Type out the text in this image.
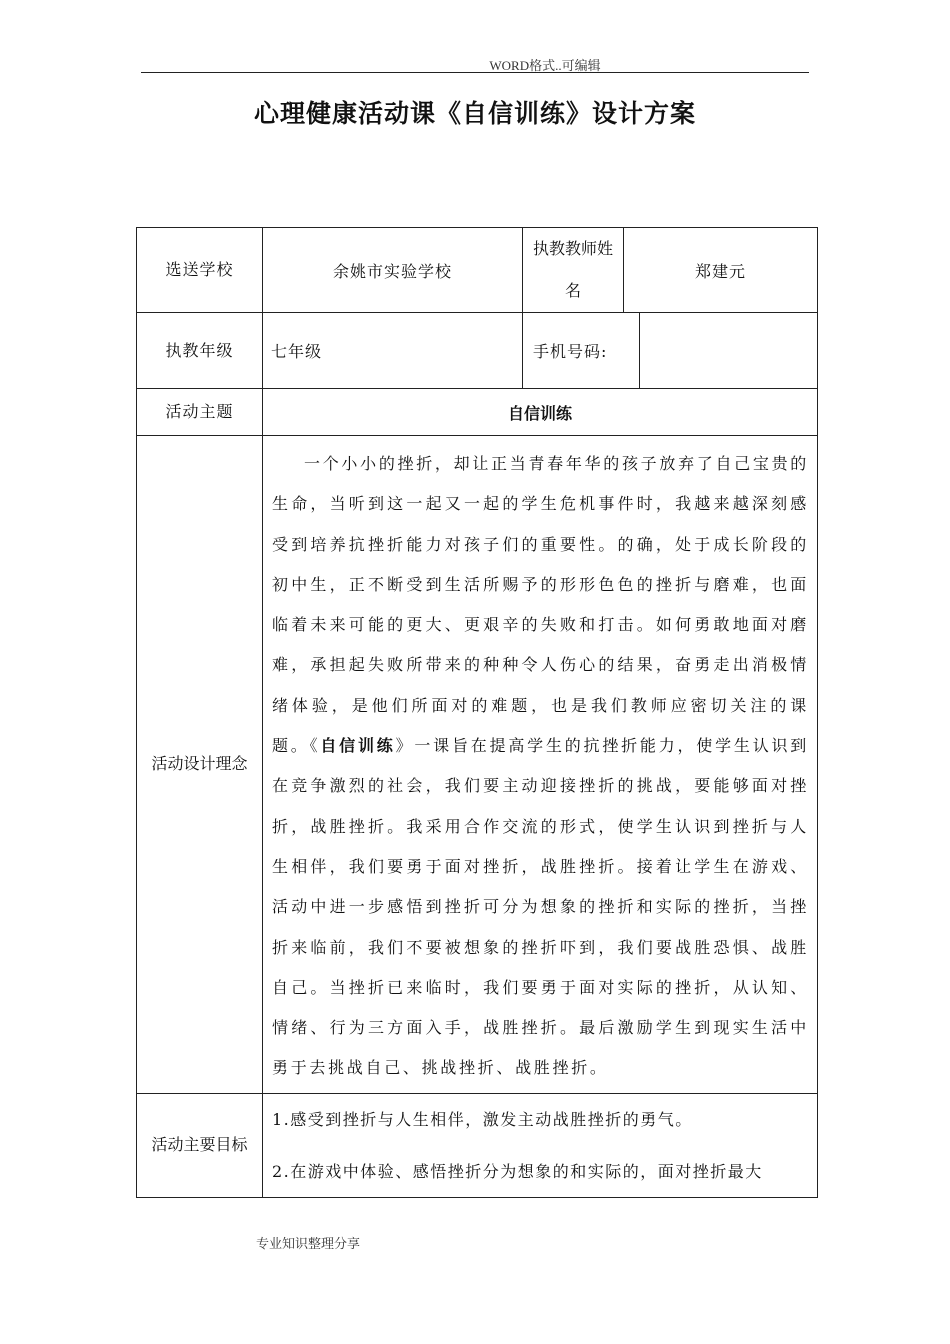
WORD格式..可编辑
心理健康活动课《自信训练》设计方案
选送学校	余姚市实验学校	执教教师姓名	郑建元
执教年级	七年级	手机号码:	

活动主题	自信训练		
活动设计理念	一个小小的挫折，却让正当青春年华的孩子放弃了自己宝贵的生命，当听到这一起又一起的学生危机事件时，我越来越深刻感受到培养抗挫折能力对孩子们的重要性。的确，处于成长阶段的初中生，正不断受到生活所赐予的形形色色的挫折与磨难，也面临着未来可能的更大、更艰辛的失败和打击。如何勇敢地面对磨难，承担起失败所带来的种种令人伤心的结果，奋勇走出消极情绪体验，是他们所面对的难题，也是我们教师应密切关注的课题。《自信训练》一课旨在提高学生的抗挫折能力，使学生认识到在竞争激烈的社会，我们要主动迎接挫折的挑战，要能够面对挫折，战胜挫折。我采用合作交流的形式，使学生认识到挫折与人生相伴，我们要勇于面对挫折，战胜挫折。接着让学生在游戏、活动中进一步感悟到挫折可分为想象的挫折和实际的挫折，当挫折来临前，我们不要被想象的挫折吓到，我们要战胜恐惧、战胜自己。当挫折已来临时，我们要勇于面对实际的挫折，从认知、情绪、行为三方面入手，战胜挫折。最后激励学生到现实生活中勇于去挑战自己、挑战挫折、战胜挫折。		

活动主要目标	1.感受到挫折与人生相伴，激发主动战胜挫折的勇气。

2.在游戏中体验、感悟挫折分为想象的和实际的，面对挫折最大		

专业知识整理分享
